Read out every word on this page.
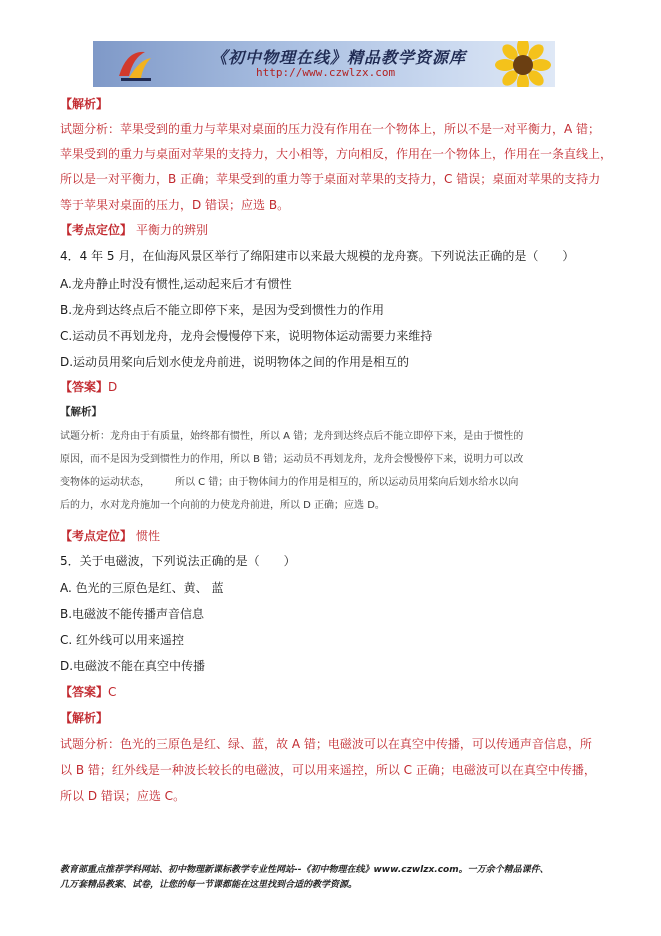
《初中物理在线》精品教学资源库
http://www.czwlzx.com
【解析】
试题分析：苹果受到的重力与苹果对桌面的压力没有作用在一个物体上，所以不是一对平衡力，A 错；
苹果受到的重力与桌面对苹果的支持力，大小相等，方向相反，作用在一个物体上，作用在一条直线上，
所以是一对平衡力，B 正确；苹果受到的重力等于桌面对苹果的支持力，C 错误；桌面对苹果的支持力
等于苹果对桌面的压力，D 错误；应选 B。
【考点定位】 平衡力的辨别
4．4 年 5 月，在仙海风景区举行了绵阳建市以来最大规模的龙舟赛。下列说法正确的是（　　）
A.龙舟静止时没有惯性,运动起来后才有惯性
B.龙舟到达终点后不能立即停下来，是因为受到惯性力的作用
C.运动员不再划龙舟，龙舟会慢慢停下来，说明物体运动需要力来维持
D.运动员用桨向后划水使龙舟前进，说明物体之间的作用是相互的
【答案】D
【解析】
试题分析：龙舟由于有质量，始终都有惯性，所以 A 错；龙舟到达终点后不能立即停下来，是由于惯性的
原因，而不是因为受到惯性力的作用，所以 B 错；运动员不再划龙舟，龙舟会慢慢停下来，说明力可以改
变物体的运动状态，　　　所以 C 错；由于物体间力的作用是相互的，所以运动员用桨向后划水给水以向
后的力，水对龙舟施加一个向前的力使龙舟前进，所以 D 正确；应选 D。
【考点定位】 惯性
5．关于电磁波，下列说法正确的是（　　）
A. 色光的三原色是红、黄、 蓝
B.电磁波不能传播声音信息
C. 红外线可以用来遥控
D.电磁波不能在真空中传播
【答案】C
【解析】
试题分析：色光的三原色是红、绿、蓝，故 A 错；电磁波可以在真空中传播，可以传通声音信息，所
以 B 错；红外线是一种波长较长的电磁波，可以用来遥控，所以 C 正确；电磁波可以在真空中传播，
所以 D 错误；应选 C。
教育部重点推荐学科网站、初中物理新课标教学专业性网站--《初中物理在线》www.czwlzx.com。一万余个精品课件、
几万套精品教案、试卷，让您的每一节课都能在这里找到合适的教学资源。
